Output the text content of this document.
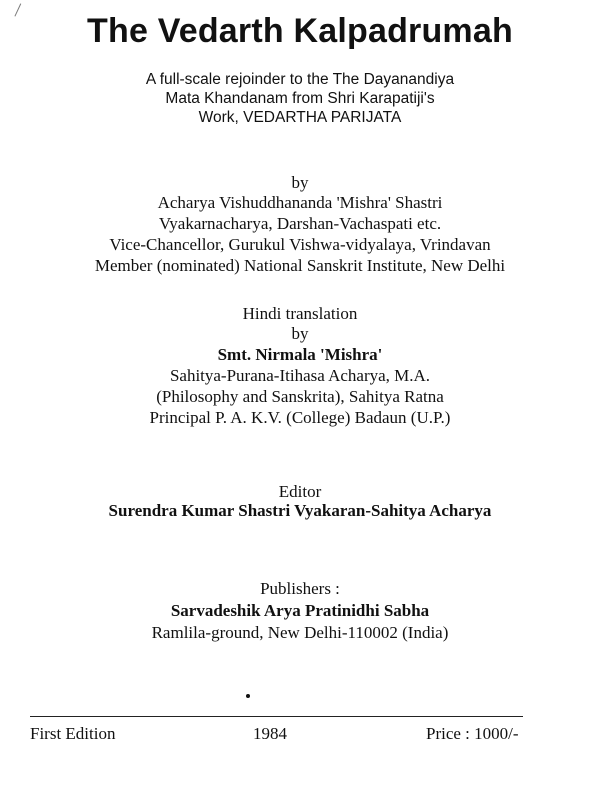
The Vedarth Kalpadrumah
A full-scale rejoinder to the The Dayanandiya
Mata Khandanam from Shri Karapatiji's
Work, VEDARTHA PARIJATA
by
Acharya Vishuddhananda 'Mishra' Shastri
Vyakarnacharya, Darshan-Vachaspati etc.
Vice-Chancellor, Gurukul Vishwa-vidyalaya, Vrindavan
Member (nominated) National Sanskrit Institute, New Delhi
Hindi translation
by
Smt. Nirmala 'Mishra'
Sahitya-Purana-Itihasa Acharya, M.A.
(Philosophy and Sanskrita), Sahitya Ratna
Principal P. A. K.V. (College) Badaun (U.P.)
Editor
Surendra Kumar Shastri Vyakaran-Sahitya Acharya
Publishers :
Sarvadeshik Arya Pratinidhi Sabha
Ramlila-ground, New Delhi-110002 (India)
First Edition	1984	Price : 1000/-
